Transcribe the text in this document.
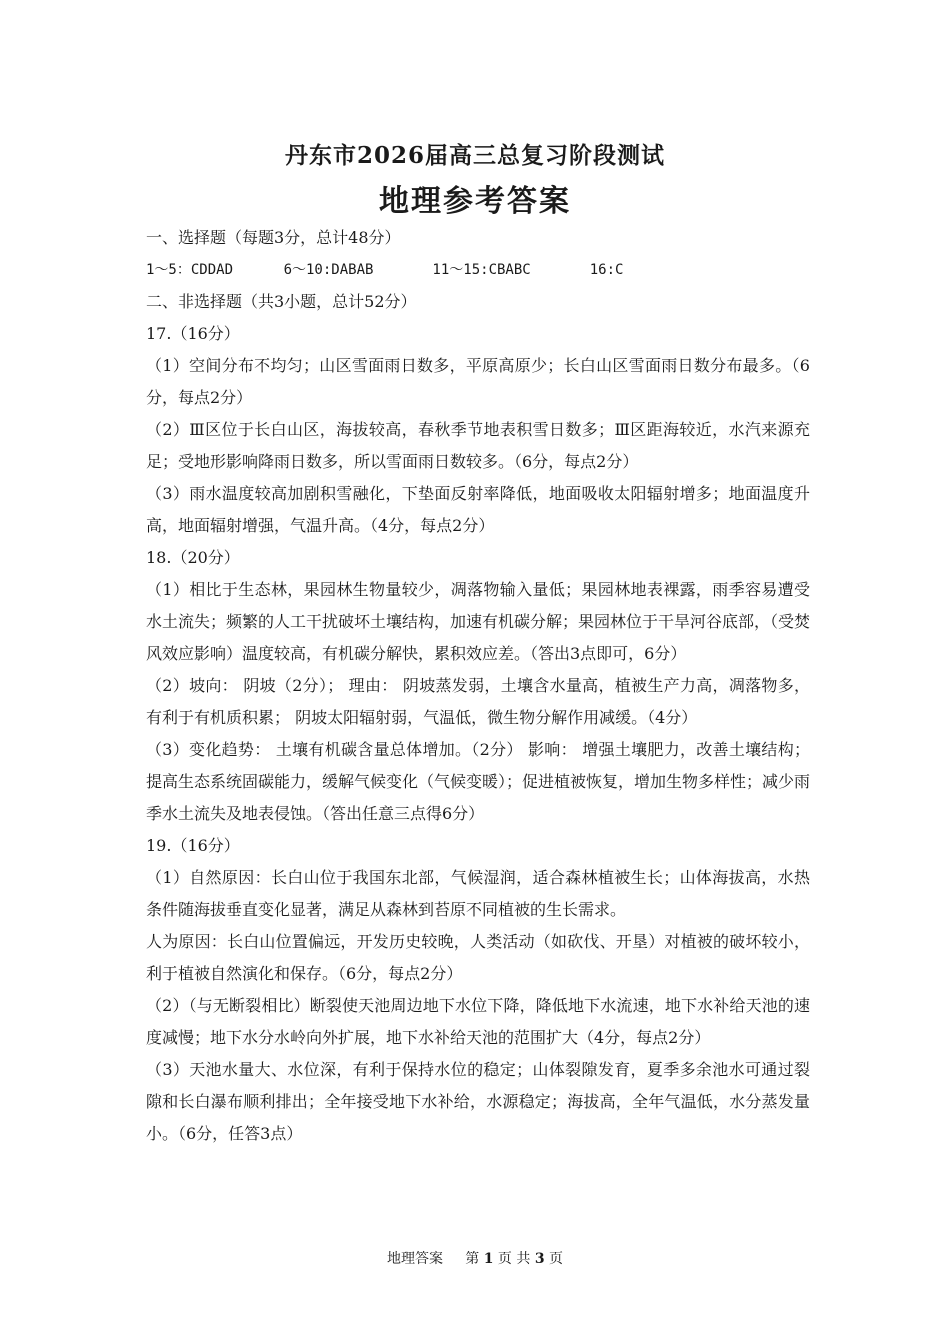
丹东市2026届高三总复习阶段测试
地理参考答案
一、选择题（每题3分，总计48分）
1～5：CDDAD      6～10:DABAB       11～15:CBABC       16:C
二、非选择题（共3小题，总计52分）
17.（16分）
（1）空间分布不均匀；山区雪面雨日数多，平原高原少；长白山区雪面雨日数分布最多。（6分，每点2分）
（2）Ⅲ区位于长白山区，海拔较高，春秋季节地表积雪日数多；Ⅲ区距海较近，水汽来源充足；受地形影响降雨日数多，所以雪面雨日数较多。（6分，每点2分）
（3）雨水温度较高加剧积雪融化，下垫面反射率降低，地面吸收太阳辐射增多；地面温度升高，地面辐射增强，气温升高。（4分，每点2分）
18.（20分）
（1）相比于生态林，果园林生物量较少，凋落物输入量低；果园林地表裸露，雨季容易遭受水土流失；频繁的人工干扰破坏土壤结构，加速有机碳分解；果园林位于干旱河谷底部，（受焚风效应影响）温度较高，有机碳分解快，累积效应差。（答出3点即可，6分）
（2）坡向： 阴坡（2分）； 理由： 阴坡蒸发弱，土壤含水量高，植被生产力高，凋落物多，有利于有机质积累； 阴坡太阳辐射弱，气温低，微生物分解作用减缓。（4分）
（3）变化趋势： 土壤有机碳含量总体增加。（2分） 影响： 增强土壤肥力，改善土壤结构；提高生态系统固碳能力，缓解气候变化（气候变暖）；促进植被恢复，增加生物多样性；减少雨季水土流失及地表侵蚀。（答出任意三点得6分）
19.（16分）
（1）自然原因：长白山位于我国东北部，气候湿润，适合森林植被生长；山体海拔高，水热条件随海拔垂直变化显著，满足从森林到苔原不同植被的生长需求。
人为原因：长白山位置偏远，开发历史较晚，人类活动（如砍伐、开垦）对植被的破坏较小，利于植被自然演化和保存。（6分，每点2分）
（2）（与无断裂相比）断裂使天池周边地下水位下降，降低地下水流速，地下水补给天池的速度减慢；地下水分水岭向外扩展，地下水补给天池的范围扩大（4分，每点2分）
（3）天池水量大、水位深，有利于保持水位的稳定；山体裂隙发育，夏季多余池水可通过裂隙和长白瀑布顺利排出；全年接受地下水补给，水源稳定；海拔高，全年气温低，水分蒸发量小。（6分，任答3点）
地理答案 第 1 页 共 3 页
